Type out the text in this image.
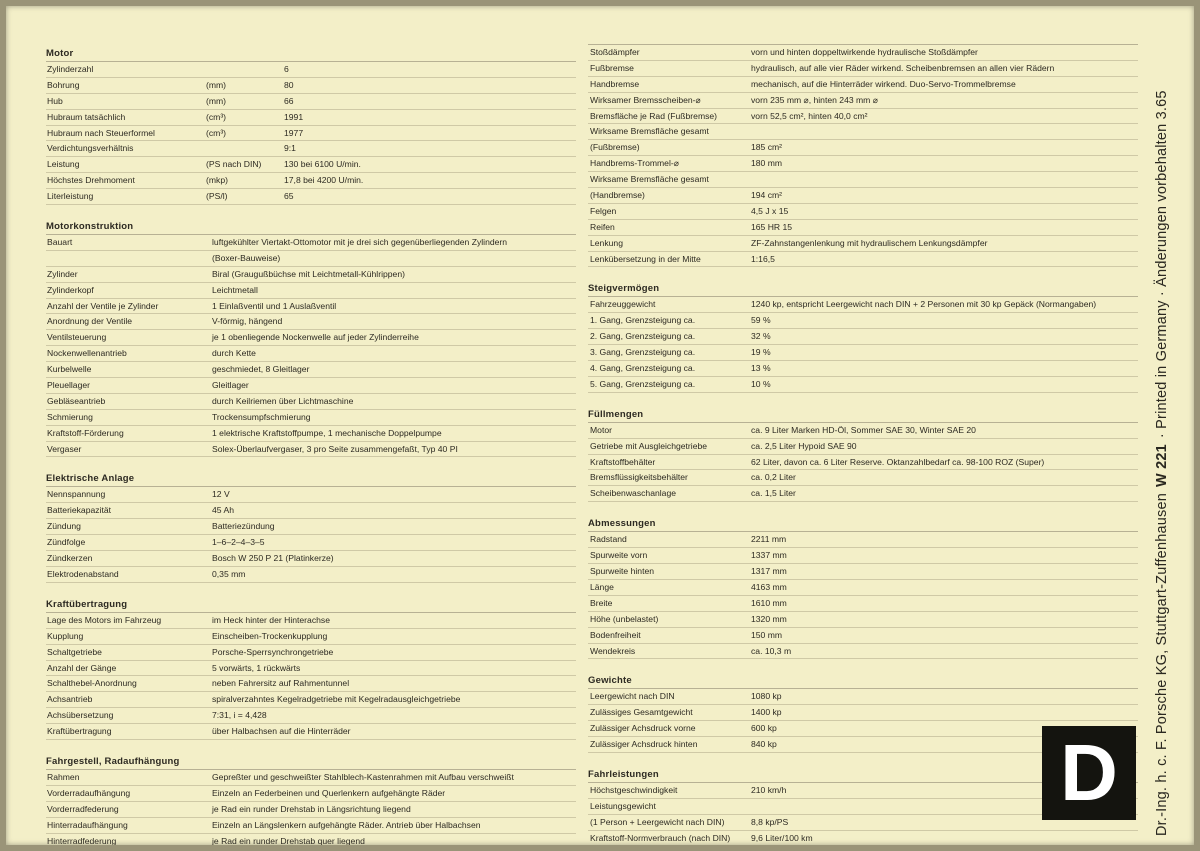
Motor
Zylinderzahl	6
Bohrung	(mm)	80
Hub	(mm)	66
Hubraum tatsächlich	(cm³)	1991
Hubraum nach Steuerformel	(cm³)	1977
Verdichtungsverhältnis	9:1
Leistung	(PS nach DIN)	130 bei 6100 U/min.
Höchstes Drehmoment	(mkp)	17,8 bei 4200 U/min.
Literleistung	(PS/l)	65
Motorkonstruktion
Bauart	luftgekühlter Viertakt-Ottomotor mit je drei sich gegenüberliegenden Zylindern
(Boxer-Bauweise)
Zylinder	Biral (Graugußbüchse mit Leichtmetall-Kühlrippen)
Zylinderkopf	Leichtmetall
Anzahl der Ventile je Zylinder	1 Einlaßventil und 1 Auslaßventil
Anordnung der Ventile	V-förmig, hängend
Ventilsteuerung	je 1 obenliegende Nockenwelle auf jeder Zylinderreihe
Nockenwellenantrieb	durch Kette
Kurbelwelle	geschmiedet, 8 Gleitlager
Pleuellager	Gleitlager
Gebläseantrieb	durch Keilriemen über Lichtmaschine
Schmierung	Trockensumpfschmierung
Kraftstoff-Förderung	1 elektrische Kraftstoffpumpe, 1 mechanische Doppelpumpe
Vergaser	Solex-Überlaufvergaser, 3 pro Seite zusammengefaßt, Typ 40 PI
Elektrische Anlage
Nennspannung	12 V
Batteriekapazität	45 Ah
Zündung	Batteriezündung
Zündfolge	1–6–2–4–3–5
Zündkerzen	Bosch W 250 P 21 (Platinkerze)
Elektrodenabstand	0,35 mm
Kraftübertragung
Lage des Motors im Fahrzeug	im Heck hinter der Hinterachse
Kupplung	Einscheiben-Trockenkupplung
Schaltgetriebe	Porsche-Sperrsynchrongetriebe
Anzahl der Gänge	5 vorwärts, 1 rückwärts
Schalthebel-Anordnung	neben Fahrersitz auf Rahmentunnel
Achsantrieb	spiralverzahntes Kegelradgetriebe mit Kegelradausgleichgetriebe
Achsübersetzung	7:31, i = 4,428
Kraftübertragung	über Halbachsen auf die Hinterräder
Fahrgestell, Radaufhängung
Rahmen	Gepreßter und geschweißter Stahlblech-Kastenrahmen mit Aufbau verschweißt
Vorderradaufhängung	Einzeln an Federbeinen und Querlenkern aufgehängte Räder
Vorderradfederung	je Rad ein runder Drehstab in Längsrichtung liegend
Hinterradaufhängung	Einzeln an Längslenkern aufgehängte Räder. Antrieb über Halbachsen
Hinterradfederung	je Rad ein runder Drehstab quer liegend
Stoßdämpfer	vorn und hinten doppeltwirkende hydraulische Stoßdämpfer
Fußbremse	hydraulisch, auf alle vier Räder wirkend. Scheibenbremsen an allen vier Rädern
Handbremse	mechanisch, auf die Hinterräder wirkend. Duo-Servo-Trommelbremse
Wirksamer Bremsscheiben-⌀	vorn 235 mm ⌀, hinten 243 mm ⌀
Bremsfläche je Rad (Fußbremse)	vorn 52,5 cm², hinten 40,0 cm²
Wirksame Bremsfläche gesamt
(Fußbremse)	185 cm²
Handbrems-Trommel-⌀	180 mm
Wirksame Bremsfläche gesamt
(Handbremse)	194 cm²
Felgen	4,5 J x 15
Reifen	165 HR 15
Lenkung	ZF-Zahnstangenlenkung mit hydraulischem Lenkungsdämpfer
Lenkübersetzung in der Mitte	1:16,5
Steigvermögen
Fahrzeuggewicht	1240 kp, entspricht Leergewicht nach DIN + 2 Personen mit 30 kp Gepäck (Normangaben)
1. Gang, Grenzsteigung ca.	59 %
2. Gang, Grenzsteigung ca.	32 %
3. Gang, Grenzsteigung ca.	19 %
4. Gang, Grenzsteigung ca.	13 %
5. Gang, Grenzsteigung ca.	10 %
Füllmengen
Motor	ca. 9 Liter Marken HD-Öl, Sommer SAE 30, Winter SAE 20
Getriebe mit Ausgleichgetriebe	ca. 2,5 Liter Hypoid SAE 90
Kraftstoffbehälter	62 Liter, davon ca. 6 Liter Reserve. Oktanzahlbedarf ca. 98-100 ROZ (Super)
Bremsflüssigkeitsbehälter	ca. 0,2 Liter
Scheibenwaschanlage	ca. 1,5 Liter
Abmessungen
Radstand	2211 mm
Spurweite vorn	1337 mm
Spurweite hinten	1317 mm
Länge	4163 mm
Breite	1610 mm
Höhe (unbelastet)	1320 mm
Bodenfreiheit	150 mm
Wendekreis	ca. 10,3 m
Gewichte
Leergewicht nach DIN	1080 kp
Zulässiges Gesamtgewicht	1400 kp
Zulässiger Achsdruck vorne	600 kp
Zulässiger Achsdruck hinten	840 kp
Fahrleistungen
Höchstgeschwindigkeit	210 km/h
Leistungsgewicht
(1 Person + Leergewicht nach DIN)	8,8 kp/PS
Kraftstoff-Normverbrauch (nach DIN) 9,6 Liter/100 km
Dr.-Ing. h. c. F. Porsche KG, Stuttgart-ZuffenhausenW 221· Printed in Germany · Änderungen vorbehalten 3.65
D
